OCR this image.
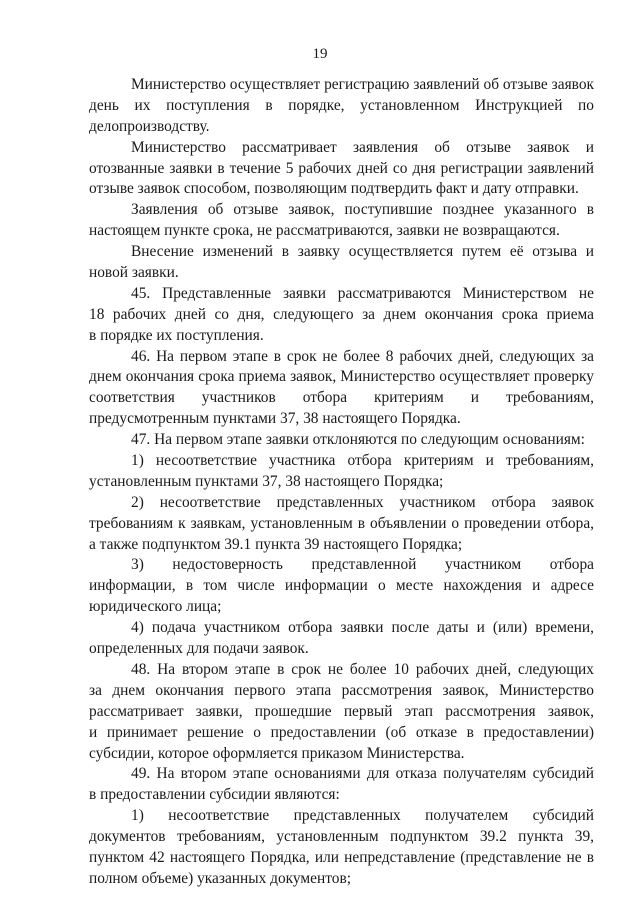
19
Министерство осуществляет регистрацию заявлений об отзыве заявок
день их поступления в порядке, установленном Инструкцией по
делопроизводству.
Министерство рассматривает заявления об отзыве заявок и
отозванные заявки в течение 5 рабочих дней со дня регистрации заявлений
отзыве заявок способом, позволяющим подтвердить факт и дату отправки.
Заявления об отзыве заявок, поступившие позднее указанного в
настоящем пункте срока, не рассматриваются, заявки не возвращаются.
Внесение изменений в заявку осуществляется путем её отзыва и
новой заявки.
45. Представленные заявки рассматриваются Министерством не
18 рабочих дней со дня, следующего за днем окончания срока приема
в порядке их поступления.
46. На первом этапе в срок не более 8 рабочих дней, следующих за
днем окончания срока приема заявок, Министерство осуществляет проверку
соответствия участников отбора критериям и требованиям,
предусмотренным пунктами 37, 38 настоящего Порядка.
47. На первом этапе заявки отклоняются по следующим основаниям:
1) несоответствие участника отбора критериям и требованиям,
установленным пунктами 37, 38 настоящего Порядка;
2) несоответствие представленных участником отбора заявок
требованиям к заявкам, установленным в объявлении о проведении отбора,
а также подпунктом 39.1 пункта 39 настоящего Порядка;
3) недостоверность представленной участником отбора
информации, в том числе информации о месте нахождения и адресе
юридического лица;
4) подача участником отбора заявки после даты и (или) времени,
определенных для подачи заявок.
48. На втором этапе в срок не более 10 рабочих дней, следующих
за днем окончания первого этапа рассмотрения заявок, Министерство
рассматривает заявки, прошедшие первый этап рассмотрения заявок,
и принимает решение о предоставлении (об отказе в предоставлении)
субсидии, которое оформляется приказом Министерства.
49. На втором этапе основаниями для отказа получателям субсидий
в предоставлении субсидии являются:
1) несоответствие представленных получателем субсидий
документов требованиям, установленным подпунктом 39.2 пункта 39,
пунктом 42 настоящего Порядка, или непредставление (представление не в
полном объеме) указанных документов;
